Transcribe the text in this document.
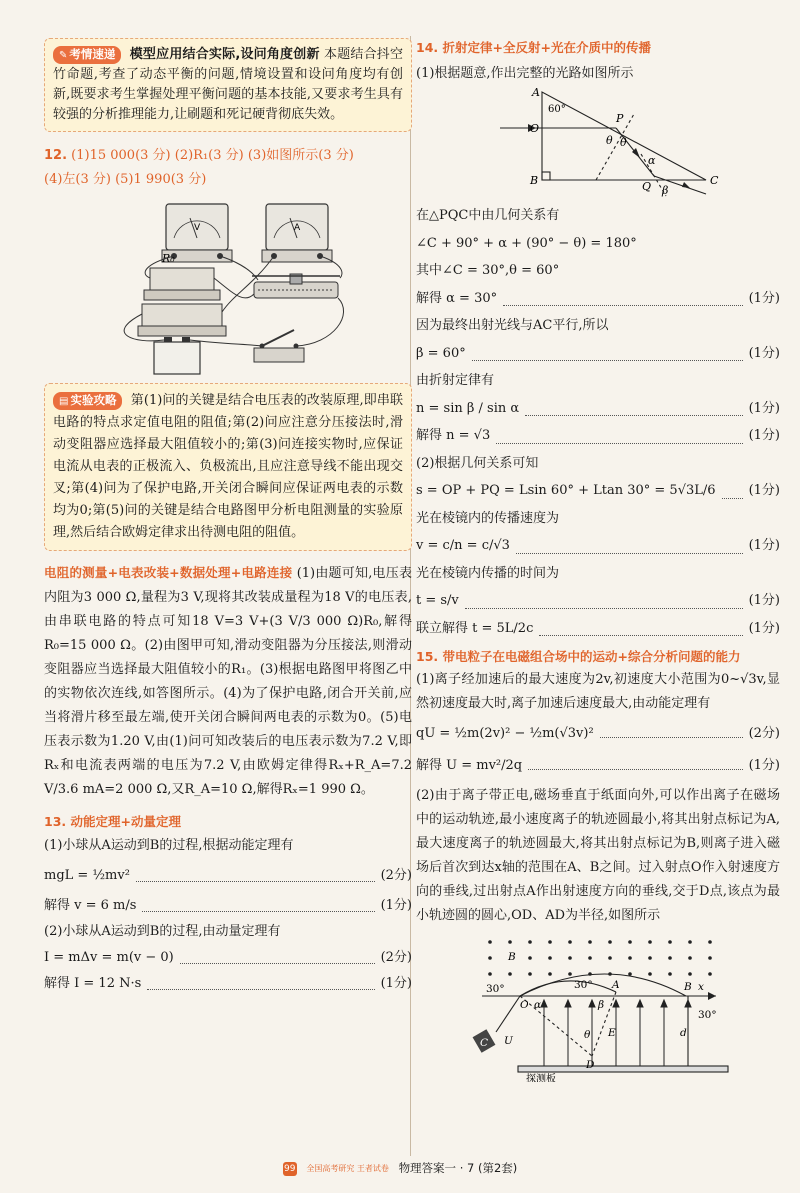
✎ 考情速递 模型应用结合实际,设问角度创新 本题结合抖空竹命题,考查了动态平衡的问题,情境设置和设问角度均有创新,既要求考生掌握处理平衡问题的基本技能,又要求考生具有较强的分析推理能力,让刷题和死记硬背彻底失效。

12. (1)15 000(3 分) (2)R₁(3 分) (3)如图所示(3 分)

(4)左(3 分) (5)1 990(3 分)

V	A
R₀

▤ 实验攻略 第(1)问的关键是结合电压表的改装原理,即串联电路的特点求定值电阻的阻值;第(2)问应注意分压接法时,滑动变阻器应选择最大阻值较小的;第(3)问连接实物时,应保证电流从电表的正极流入、负极流出,且应注意导线不能出现交叉;第(4)问为了保护电路,开关闭合瞬间应保证两电表的示数均为0;第(5)问的关键是结合电路图甲分析电阻测量的实验原理,然后结合欧姆定律求出待测电阻的阻值。

电阻的测量+电表改装+数据处理+电路连接 (1)由题可知,电压表内阻为3 000 Ω,量程为3 V,现将其改装成量程为18 V的电压表,由串联电路的特点可知18 V=3 V+(3 V/3 000 Ω)R₀,解得R₀=15 000 Ω。(2)由图甲可知,滑动变阻器为分压接法,则滑动变阻器应当选择最大阻值较小的R₁。(3)根据电路图甲将图乙中的实物依次连线,如答图所示。(4)为了保护电路,闭合开关前,应当将滑片移至最左端,使开关闭合瞬间两电表的示数为0。(5)电压表示数为1.20 V,由(1)问可知改装后的电压表示数为7.2 V,即Rₓ和电流表两端的电压为7.2 V,由欧姆定律得Rₓ+R_A=7.2 V/3.6 mA=2 000 Ω,又R_A=10 Ω,解得Rₓ=1 990 Ω。

13. 动能定理+动量定理

(1)小球从A运动到B的过程,根据动能定理有

mgL = ½mv²	(2分)
解得 v = 6 m/s	(1分)

(2)小球从A运动到B的过程,由动量定理有

I = mΔv = m(v − 0)	(2分)
解得 I = 12 N·s	(1分)

14. 折射定律+全反射+光在介质中的传播

(1)根据题意,作出完整的光路如图所示

A
60°
O
P
θ θ
B	C
α
Q β
在△PQC中由几何关系有
∠C + 90° + α + (90° − θ) = 180°
其中∠C = 30°,θ = 60°
解得 α = 30°	(1分)
因为最终出射光线与AC平行,所以
β = 60°	(1分)
由折射定律有
n = sin β / sin α	(1分)
解得 n = √3	(1分)
(2)根据几何关系可知
s = OP + PQ = Lsin 60° + Ltan 30° = 5√3L/6	(1分)
光在棱镜内的传播速度为
v = c/n = c/√3	(1分)
光在棱镜内传播的时间为
t = s/v	(1分)
联立解得 t = 5L/2c	(1分)

15. 带电粒子在电磁组合场中的运动+综合分析问题的能力

(1)离子经加速后的最大速度为2v,初速度大小范围为0~√3v,显然初速度最大时,离子加速后速度最大,由动能定理有

qU = ½m(2v)² − ½m(√3v)²	(2分)
解得 U = mv²/2q	(1分)

(2)由于离子带正电,磁场垂直于纸面向外,可以作出离子在磁场中的运动轨迹,最小速度离子的轨迹圆最小,将其出射点标记为A,最大速度离子的轨迹圆最大,将其出射点标记为B,则离子进入磁场后首次到达x轴的范围在A、B之间。过入射点O作入射速度方向的垂线,过出射点A作出射速度方向的垂线,交于D点,该点为最小轨迹圆的圆心,OD、AD为半径,如图所示

B
30°
O α
30° A
β
B x
30°
U
C
θ E	d
D
探测板
99 全国高考研究 王者试卷 物理答案一 · 7 (第2套)
